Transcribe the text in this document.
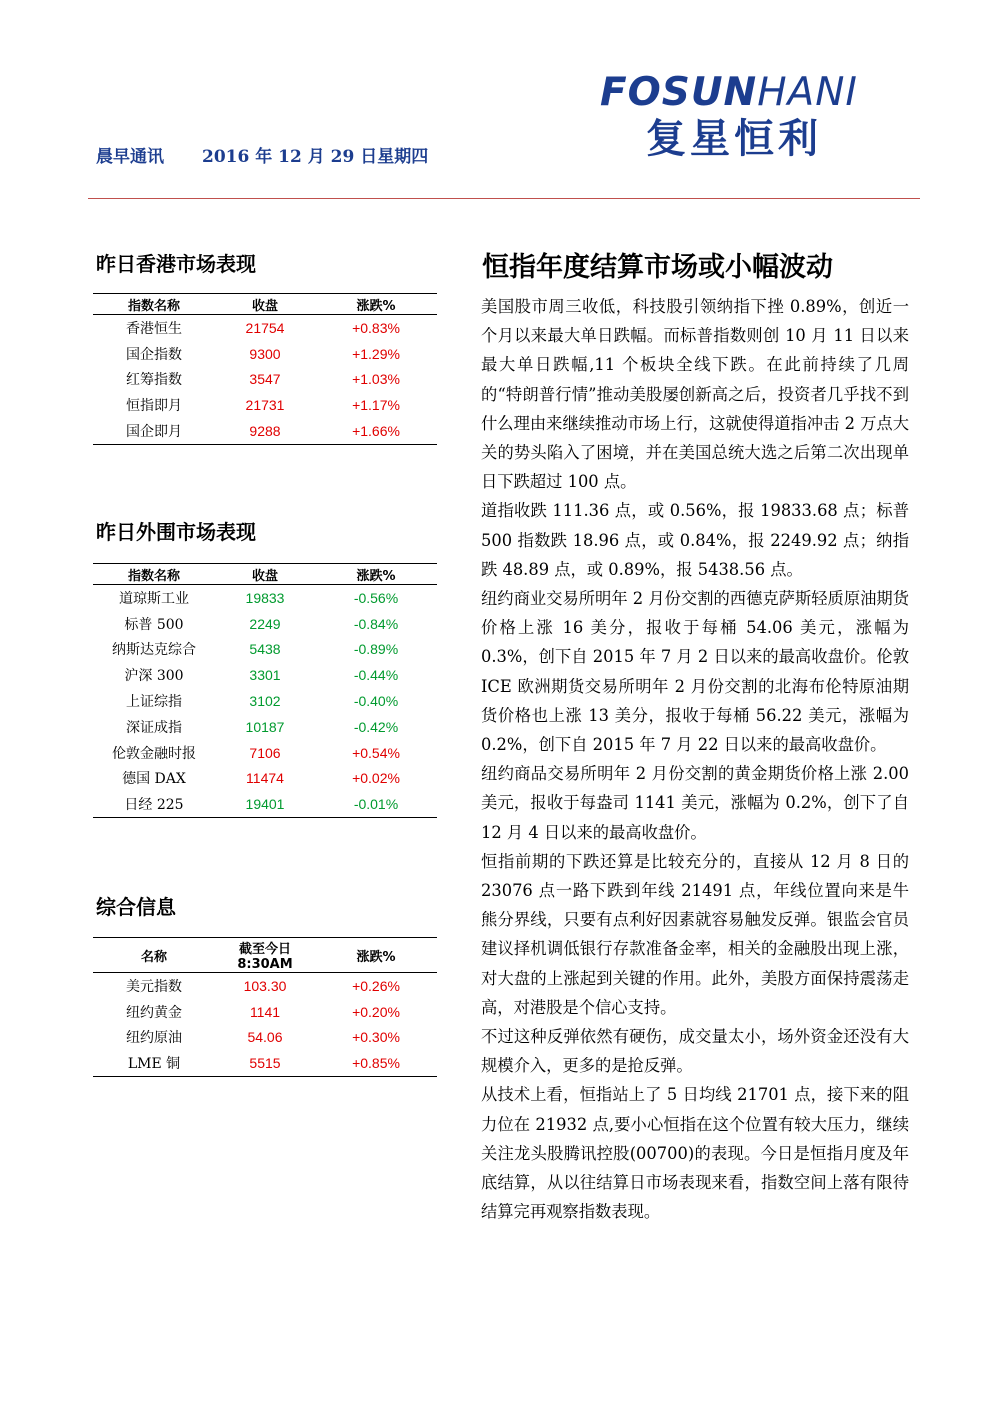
FOSUNHANI
复星恒利
晨早通讯 2016 年 12 月 29 日星期四
昨日香港市场表现
指数名称	收盘	涨跌%
香港恒生	21754	+0.83%
国企指数	9300	+1.29%
红筹指数	3547	+1.03%
恒指即月	21731	+1.17%
国企即月	9288	+1.66%
昨日外围市场表现
指数名称	收盘	涨跌%
道琼斯工业	19833	-0.56%
标普 500	2249	-0.84%
纳斯达克综合	5438	-0.89%
沪深 300	3301	-0.44%
上证综指	3102	-0.40%
深证成指	10187	-0.42%
伦敦金融时报	7106	+0.54%
德国 DAX	11474	+0.02%
日经 225	19401	-0.01%
综合信息
名称	截至今日 8:30AM	涨跌%
美元指数	103.30	+0.26%
纽约黄金	1141	+0.20%
纽约原油	54.06	+0.30%
LME 铜	5515	+0.85%
恒指年度结算市场或小幅波动

美国股市周三收低，科技股引领纳指下挫 0.89%，创近一个月以来最大单日跌幅。而标普指数则创 10 月 11 日以来最大单日跌幅,11 个板块全线下跌。在此前持续了几周的“特朗普行情”推动美股屡创新高之后，投资者几乎找不到什么理由来继续推动市场上行，这就使得道指冲击 2 万点大关的势头陷入了困境，并在美国总统大选之后第二次出现单日下跌超过 100 点。

道指收跌 111.36 点，或 0.56%，报 19833.68 点；标普 500 指数跌 18.96 点，或 0.84%，报 2249.92 点；纳指跌 48.89 点，或 0.89%，报 5438.56 点。

纽约商业交易所明年 2 月份交割的西德克萨斯轻质原油期货价格上涨 16 美分，报收于每桶 54.06 美元，涨幅为 0.3%，创下自 2015 年 7 月 2 日以来的最高收盘价。伦敦 ICE 欧洲期货交易所明年 2 月份交割的北海布伦特原油期货价格也上涨 13 美分，报收于每桶 56.22 美元，涨幅为 0.2%，创下自 2015 年 7 月 22 日以来的最高收盘价。

纽约商品交易所明年 2 月份交割的黄金期货价格上涨 2.00 美元，报收于每盎司 1141 美元，涨幅为 0.2%，创下了自 12 月 4 日以来的最高收盘价。

恒指前期的下跌还算是比较充分的，直接从 12 月 8 日的 23076 点一路下跌到年线 21491 点，年线位置向来是牛熊分界线，只要有点利好因素就容易触发反弹。银监会官员建议择机调低银行存款准备金率，相关的金融股出现上涨，对大盘的上涨起到关键的作用。此外，美股方面保持震荡走高，对港股是个信心支持。

不过这种反弹依然有硬伤，成交量太小，场外资金还没有大规模介入，更多的是抢反弹。

从技术上看，恒指站上了 5 日均线 21701 点，接下来的阻力位在 21932 点,要小心恒指在这个位置有较大压力，继续关注龙头股腾讯控股(00700)的表现。今日是恒指月度及年底结算，从以往结算日市场表现来看，指数空间上落有限待结算完再观察指数表现。
